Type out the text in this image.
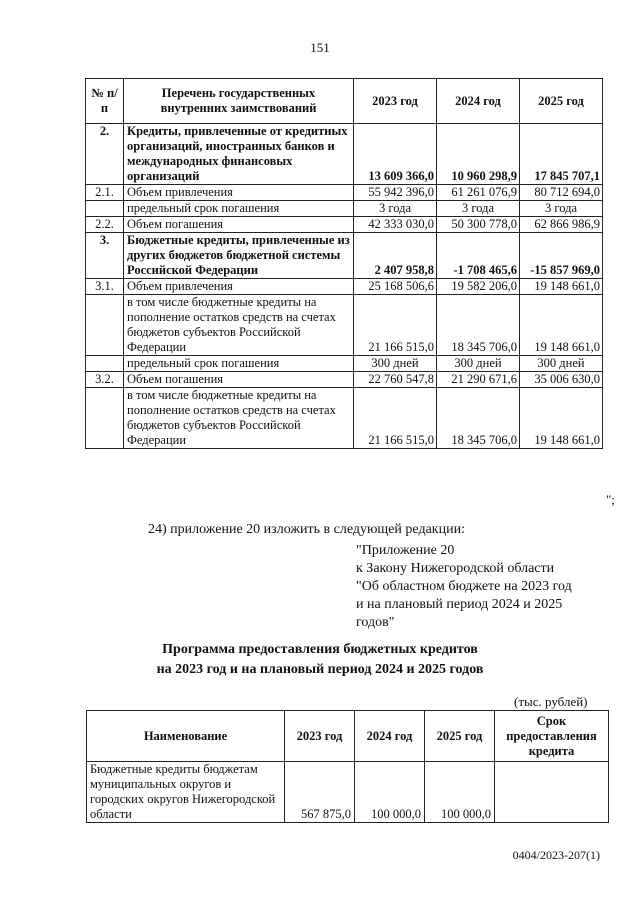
151
№ п/п	Перечень государственных внутренних заимствований	2023 год	2024 год	2025 год
2.	Кредиты, привлеченные от кредитных организаций, иностранных банков и международных финансовых организаций	13 609 366,0	10 960 298,9	17 845 707,1
2.1.	Объем привлечения	55 942 396,0	61 261 076,9	80 712 694,0
	предельный срок погашения	3 года	3 года	3 года
2.2.	Объем погашения	42 333 030,0	50 300 778,0	62 866 986,9
3.	Бюджетные кредиты, привлеченные из других бюджетов бюджетной системы Российской Федерации	2 407 958,8	-1 708 465,6	-15 857 969,0
3.1.	Объем привлечения	25 168 506,6	19 582 206,0	19 148 661,0
	в том числе бюджетные кредиты на пополнение остатков средств на счетах бюджетов субъектов Российской Федерации	21 166 515,0	18 345 706,0	19 148 661,0
	предельный срок погашения	300 дней	300 дней	300 дней
3.2.	Объем погашения	22 760 547,8	21 290 671,6	35 006 630,0
	в том числе бюджетные кредиты на пополнение остатков средств на счетах бюджетов субъектов Российской Федерации	21 166 515,0	18 345 706,0	19 148 661,0
";
24) приложение 20 изложить в следующей редакции:
"Приложение 20
к Закону Нижегородской области
"Об областном бюджете на 2023 год
и на плановый период 2024 и 2025
годов"
Программа предоставления бюджетных кредитов
на 2023 год и на плановый период 2024 и 2025 годов
(тыс. рублей)
Наименование	2023 год	2024 год	2025 год	Срок предоставления кредита
Бюджетные кредиты бюджетам муниципальных округов и городских округов Нижегородской области	567 875,0	100 000,0	100 000,0	
0404/2023-207(1)
